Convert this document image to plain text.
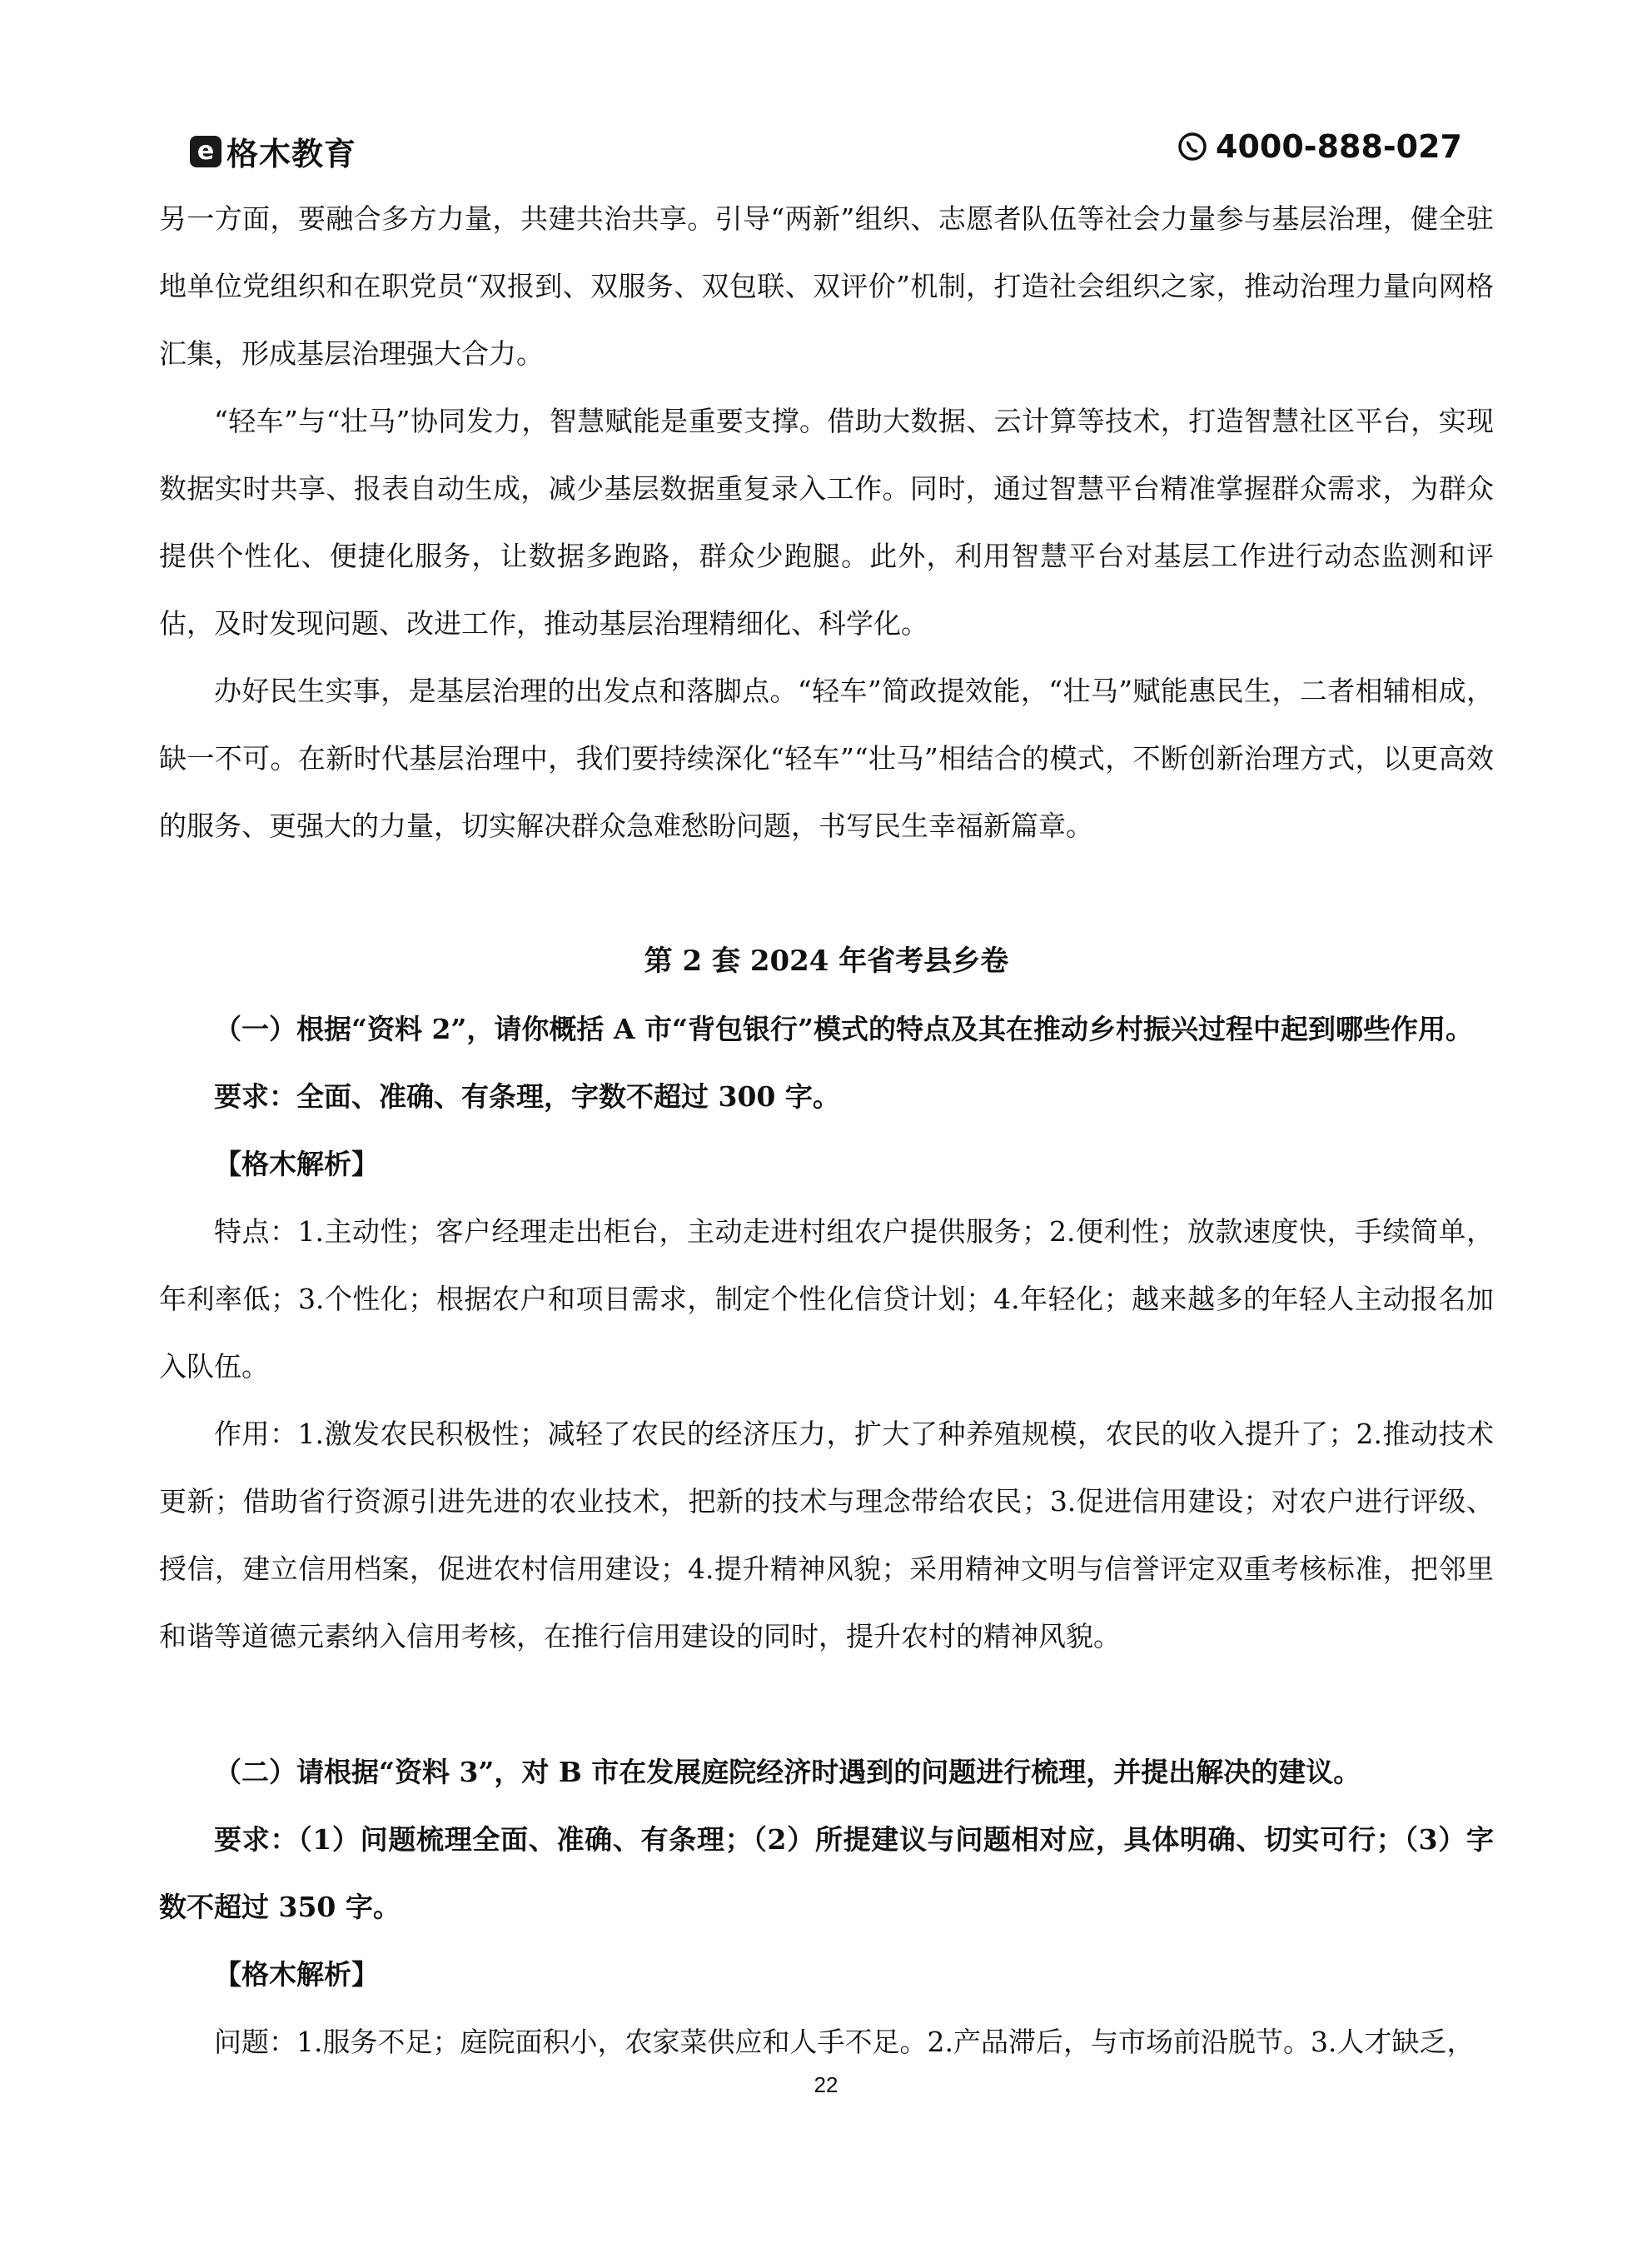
e 格木教育	4000-888-027

另一方面，要融合多方力量，共建共治共享。引导“两新”组织、志愿者队伍等社会力量参与基层治理，健全驻地单位党组织和在职党员“双报到、双服务、双包联、双评价”机制，打造社会组织之家，推动治理力量向网格汇集，形成基层治理强大合力。

“轻车”与“壮马”协同发力，智慧赋能是重要支撑。借助大数据、云计算等技术，打造智慧社区平台，实现数据实时共享、报表自动生成，减少基层数据重复录入工作。同时，通过智慧平台精准掌握群众需求，为群众提供个性化、便捷化服务，让数据多跑路，群众少跑腿。此外，利用智慧平台对基层工作进行动态监测和评估，及时发现问题、改进工作，推动基层治理精细化、科学化。

办好民生实事，是基层治理的出发点和落脚点。“轻车”简政提效能，“壮马”赋能惠民生，二者相辅相成，缺一不可。在新时代基层治理中，我们要持续深化“轻车”“壮马”相结合的模式，不断创新治理方式，以更高效的服务、更强大的力量，切实解决群众急难愁盼问题，书写民生幸福新篇章。

第 2 套 2024 年省考县乡卷

（一）根据“资料 2”，请你概括 A 市“背包银行”模式的特点及其在推动乡村振兴过程中起到哪些作用。

要求：全面、准确、有条理，字数不超过 300 字。

【格木解析】

特点：1.主动性；客户经理走出柜台，主动走进村组农户提供服务；2.便利性；放款速度快，手续简单，年利率低；3.个性化；根据农户和项目需求，制定个性化信贷计划；4.年轻化；越来越多的年轻人主动报名加入队伍。

作用：1.激发农民积极性；减轻了农民的经济压力，扩大了种养殖规模，农民的收入提升了；2.推动技术更新；借助省行资源引进先进的农业技术，把新的技术与理念带给农民；3.促进信用建设；对农户进行评级、授信，建立信用档案，促进农村信用建设；4.提升精神风貌；采用精神文明与信誉评定双重考核标准，把邻里和谐等道德元素纳入信用考核，在推行信用建设的同时，提升农村的精神风貌。

（二）请根据“资料 3”，对 B 市在发展庭院经济时遇到的问题进行梳理，并提出解决的建议。

要求：（1）问题梳理全面、准确、有条理；（2）所提建议与问题相对应，具体明确、切实可行；（3）字数不超过 350 字。

【格木解析】

问题：1.服务不足；庭院面积小，农家菜供应和人手不足。2.产品滞后，与市场前沿脱节。3.人才缺乏，

22
